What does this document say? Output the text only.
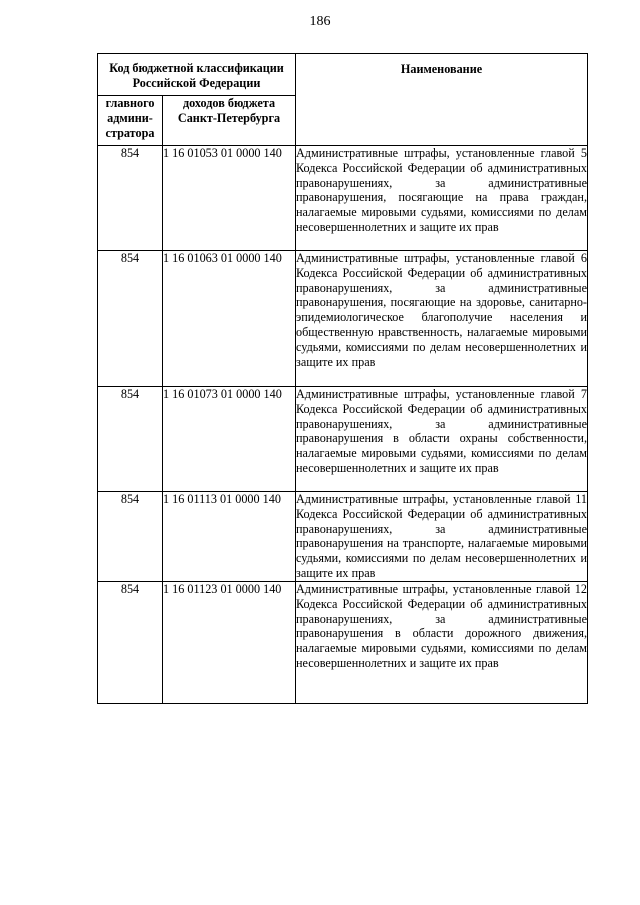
186
Код бюджетной классификации Российской Федерации		Наименование
главного админи-стратора	доходов бюджета Санкт-Петербурга	
854	1 16 01053 01 0000 140	Административные штрафы, установленные главой 5 Кодекса Российской Федерации об административных правонарушениях, за административные правонарушения, посягающие на права граждан, налагаемые мировыми судьями, комиссиями по делам несовершеннолетних и защите их прав
854	1 16 01063 01 0000 140	Административные штрафы, установленные главой 6 Кодекса Российской Федерации об административных правонарушениях, за административные правонарушения, посягающие на здоровье, санитарно-эпидемиологическое благополучие населения и общественную нравственность, налагаемые мировыми судьями, комиссиями по делам несовершеннолетних и защите их прав
854	1 16 01073 01 0000 140	Административные штрафы, установленные главой 7 Кодекса Российской Федерации об административных правонарушениях, за административные правонарушения в области охраны собственности, налагаемые мировыми судьями, комиссиями по делам несовершеннолетних и защите их прав
854	1 16 01113 01 0000 140	Административные штрафы, установленные главой 11 Кодекса Российской Федерации об административных правонарушениях, за административные правонарушения на транспорте, налагаемые мировыми судьями, комиссиями по делам несовершеннолетних и защите их прав
854	1 16 01123 01 0000 140	Административные штрафы, установленные главой 12 Кодекса Российской Федерации об административных правонарушениях, за административные правонарушения в области дорожного движения, налагаемые мировыми судьями, комиссиями по делам несовершеннолетних и защите их прав
